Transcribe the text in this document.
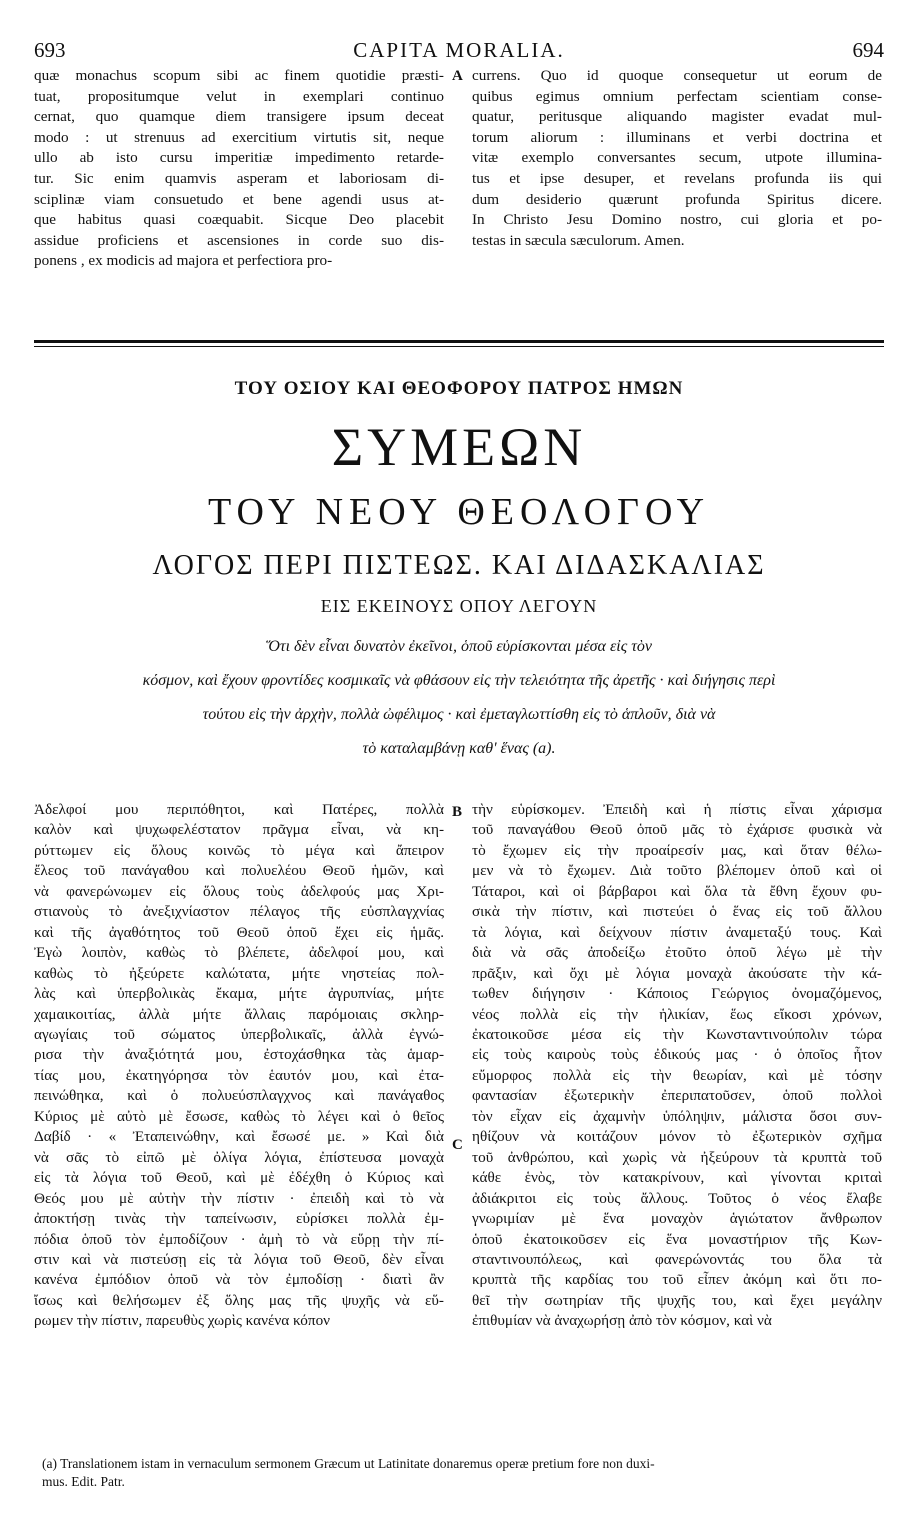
693	CAPITA MORALIA.	694
quæ monachus scopum sibi ac finem quotidie præsti-
tuat, propositumque velut in exemplari continuo
cernat, quo quamque diem transigere ipsum deceat
modo : ut strenuus ad exercitium virtutis sit, neque
ullo ab isto cursu imperitiæ impedimento retarde-
tur. Sic enim quamvis asperam et laboriosam di-
sciplinæ viam consuetudo et bene agendi usus at-
que habitus quasi coæquabit. Sicque Deo placebit
assidue proficiens et ascensiones in corde suo dis-
ponens , ex modicis ad majora et perfectiora pro-
currens. Quo id quoque consequetur ut eorum de
quibus egimus omnium perfectam scientiam conse-
quatur, peritusque aliquando magister evadat mul-
torum aliorum : illuminans et verbi doctrina et
vitæ exemplo conversantes secum, utpote illumina-
tus et ipse desuper, et revelans profunda iis qui
dum desiderio quærunt profunda Spiritus dicere.
In Christo Jesu Domino nostro, cui gloria et po-
testas in sæcula sæculorum. Amen.
A
ΤΟΥ ΟΣΙΟΥ ΚΑΙ ΘΕΟΦΟΡΟΥ ΠΑΤΡΟΣ ΗΜΩΝ
ΣΥΜΕΩΝ
ΤΟΥ ΝΕΟΥ ΘΕΟΛΟΓΟΥ
ΛΟΓΟΣ ΠΕΡΙ ΠΙΣΤΕΩΣ. ΚΑΙ ΔΙΔΑΣΚΑΛΙΑΣ
ΕΙΣ ΕΚΕΙΝΟΥΣ ΟΠΟΥ ΛΕΓΟΥΝ
Ὅτι δὲν εἶναι δυνατὸν ἐκεῖνοι, ὁποῦ εὑρίσκονται μέσα εἰς τὸν
κόσμον, καὶ ἔχουν φροντίδες κοσμικαῖς νὰ φθάσουν εἰς τὴν τελειότητα τῆς ἀρετῆς · καὶ διήγησις περὶ
τούτου εἰς τὴν ἀρχὴν, πολλὰ ὠφέλιμος · καὶ ἐμεταγλωττίσθη εἰς τὸ ἁπλοῦν, διὰ νὰ
τὸ καταλαμβάνῃ καθ' ἕνας (a).
Ἀδελφοί μου περιπόθητοι, καὶ Πατέρες, πολλὰ
καλὸν καὶ ψυχωφελέστατον πρᾶγμα εἶναι, νὰ κη-
ρύττωμεν εἰς ὅλους κοινῶς τὸ μέγα καὶ ἄπειρον
ἔλεος τοῦ πανάγαθου καὶ πολυελέου Θεοῦ ἡμῶν, καὶ
νὰ φανερώνωμεν εἰς ὅλους τοὺς ἀδελφούς μας Χρι-
στιανοὺς τὸ ἀνεξιχνίαστον πέλαγος τῆς εὐσπλαγχνίας
καὶ τῆς ἀγαθότητος τοῦ Θεοῦ ὁποῦ ἔχει εἰς ἡμᾶς.
Ἐγὼ λοιπὸν, καθὼς τὸ βλέπετε, ἀδελφοί μου, καὶ
καθὼς τὸ ἠξεύρετε καλώτατα, μήτε νηστείας πολ-
λὰς καὶ ὑπερβολικὰς ἔκαμα, μήτε ἀγρυπνίας, μήτε
χαμαικοιτίας, ἀλλὰ μήτε ἄλλαις παρόμοιαις σκληρ-
αγωγίαις τοῦ σώματος ὑπερβολικαῖς, ἀλλὰ ἐγνώ-
ρισα τὴν ἀναξιότητά μου, ἐστοχάσθηκα τὰς ἁμαρ-
τίας μου, ἐκατηγόρησα τὸν ἑαυτόν μου, καὶ ἐτα-
πεινώθηκα, καὶ ὁ πολυεύσπλαγχνος καὶ πανάγαθος
Κύριος μὲ αὐτὸ μὲ ἔσωσε, καθὼς τὸ λέγει καὶ ὁ θεῖος
Δαβίδ · « Ἐταπεινώθην, καὶ ἔσωσέ με. » Καὶ διὰ
νὰ σᾶς τὸ εἰπῶ μὲ ὀλίγα λόγια, ἐπίστευσα μοναχὰ
εἰς τὰ λόγια τοῦ Θεοῦ, καὶ μὲ ἐδέχθη ὁ Κύριος καὶ
Θεός μου μὲ αὐτὴν τὴν πίστιν · ἐπειδὴ καὶ τὸ νὰ
ἀποκτήσῃ τινὰς τὴν ταπείνωσιν, εὑρίσκει πολλὰ ἐμ-
πόδια ὁποῦ τὸν ἐμποδίζουν · ἀμὴ τὸ νὰ εὕρῃ τὴν πί-
στιν καὶ νὰ πιστεύσῃ εἰς τὰ λόγια τοῦ Θεοῦ, δὲν εἶναι
κανένα ἐμπόδιον ὁποῦ νὰ τὸν ἐμποδίσῃ · διατὶ ἂν
ἴσως καὶ θελήσωμεν ἐξ ὅλης μας τῆς ψυχῆς νὰ εὕ-
ρωμεν τὴν πίστιν, παρευθὺς χωρὶς κανένα κόπον
τὴν εὑρίσκομεν. Ἐπειδὴ καὶ ἡ πίστις εἶναι χάρισμα
τοῦ παναγάθου Θεοῦ ὁποῦ μᾶς τὸ ἐχάρισε φυσικὰ νὰ
τὸ ἔχωμεν εἰς τὴν προαίρεσίν μας, καὶ ὅταν θέλω-
μεν νὰ τὸ ἔχωμεν. Διὰ τοῦτο βλέπομεν ὁποῦ καὶ οἱ
Τάταροι, καὶ οἱ βάρβαροι καὶ ὅλα τὰ ἔθνη ἔχουν φυ-
σικὰ τὴν πίστιν, καὶ πιστεύει ὁ ἕνας εἰς τοῦ ἄλλου
τὰ λόγια, καὶ δείχνουν πίστιν ἀναμεταξύ τους. Καὶ
διὰ νὰ σᾶς ἀποδείξω ἐτοῦτο ὁποῦ λέγω μὲ τὴν
πρᾶξιν, καὶ ὄχι μὲ λόγια μοναχὰ ἀκούσατε τὴν κά-
τωθεν διήγησιν · Κάποιος Γεώργιος ὀνομαζόμενος,
νέος πολλὰ εἰς τὴν ἡλικίαν, ἕως εἴκοσι χρόνων,
ἐκατοικοῦσε μέσα εἰς τὴν Κωνσταντινούπολιν τώρα
εἰς τοὺς καιροὺς τοὺς ἐδικούς μας · ὁ ὁποῖος ἦτον
εὔμορφος πολλὰ εἰς τὴν θεωρίαν, καὶ μὲ τόσην
φαντασίαν ἐξωτερικὴν ἐπεριπατοῦσεν, ὁποῦ πολλοὶ
τὸν εἶχαν εἰς ἀχαμνὴν ὑπόληψιν, μάλιστα ὅσοι συν-
ηθίζουν νὰ κοιτάζουν μόνον τὸ ἐξωτερικὸν σχῆμα
τοῦ ἀνθρώπου, καὶ χωρὶς νὰ ἠξεύρουν τὰ κρυπτὰ τοῦ
κάθε ἑνὸς, τὸν κατακρίνουν, καὶ γίνονται κριταὶ
ἀδιάκριτοι εἰς τοὺς ἄλλους. Τοῦτος ὁ νέος ἔλαβε
γνωριμίαν μὲ ἕνα μοναχὸν ἁγιώτατον ἄνθρωπον
ὁποῦ ἐκατοικοῦσεν εἰς ἕνα μοναστήριον τῆς Κων-
σταντινουπόλεως, καὶ φανερώνοντάς του ὅλα τὰ
κρυπτὰ τῆς καρδίας του τοῦ εἶπεν ἀκόμη καὶ ὅτι πο-
θεῖ τὴν σωτηρίαν τῆς ψυχῆς του, καὶ ἔχει μεγάλην
ἐπιθυμίαν νὰ ἀναχωρήσῃ ἀπὸ τὸν κόσμον, καὶ νὰ
B
C
(a) Translationem istam in vernaculum sermonem Græcum ut Latinitate donaremus operæ pretium fore non duxi-
mus. Edit. Patr.
